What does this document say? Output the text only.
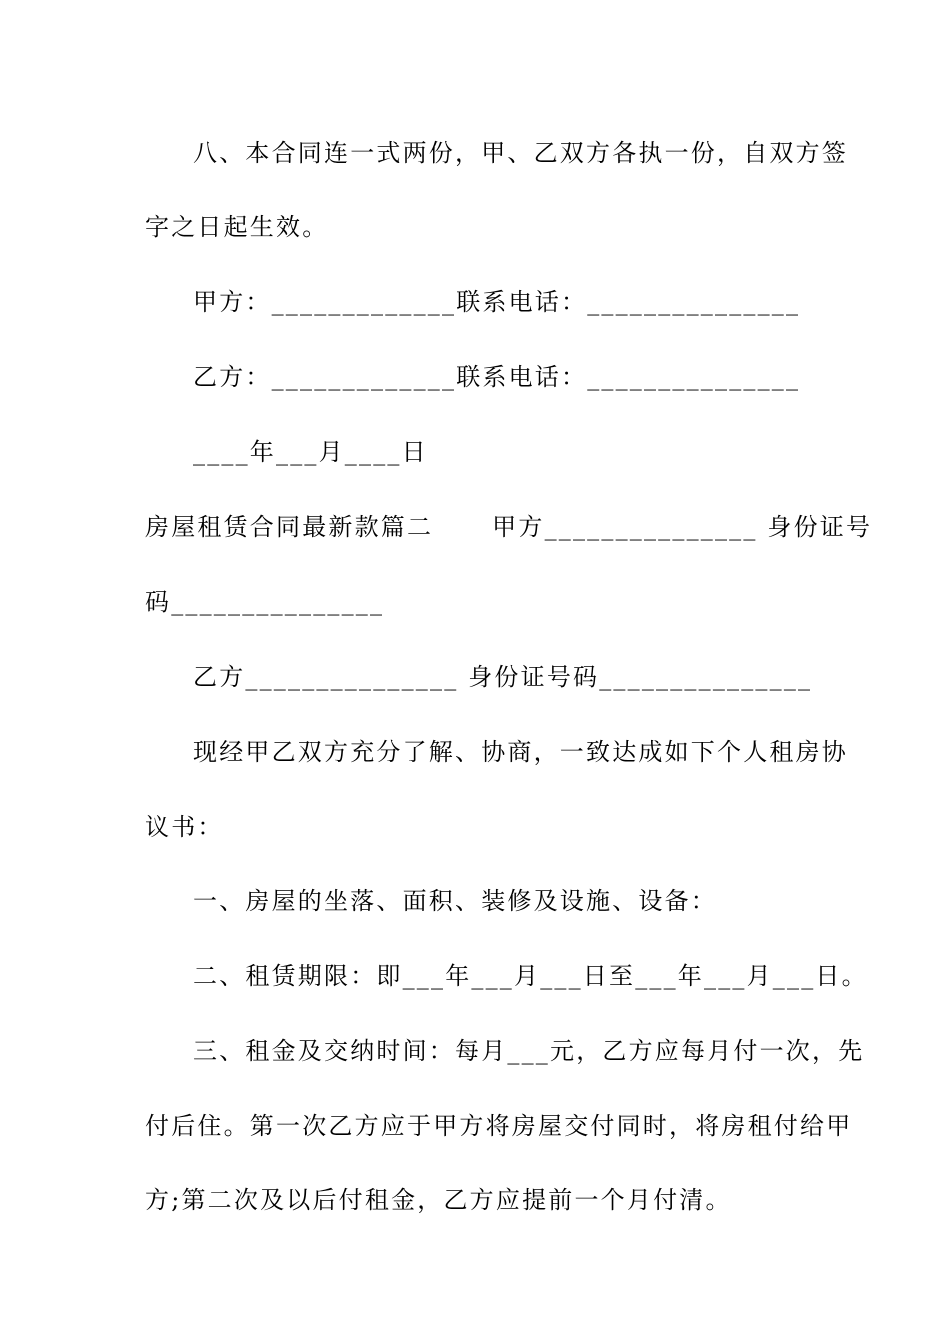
八、本合同连一式两份，甲、乙双方各执一份，自双方签
字之日起生效。
甲方：_____________联系电话：_______________
乙方：_____________联系电话：_______________
____年___月____日
房屋租赁合同最新款篇二      甲方_______________ 身份证号
码_______________
乙方_______________ 身份证号码_______________
现经甲乙双方充分了解、协商，一致达成如下个人租房协
议书：
一、房屋的坐落、面积、装修及设施、设备：
二、租赁期限：即___年___月___日至___年___月___日。
三、租金及交纳时间：每月___元，乙方应每月付一次，先
付后住。第一次乙方应于甲方将房屋交付同时，将房租付给甲
方;第二次及以后付租金，乙方应提前一个月付清。
